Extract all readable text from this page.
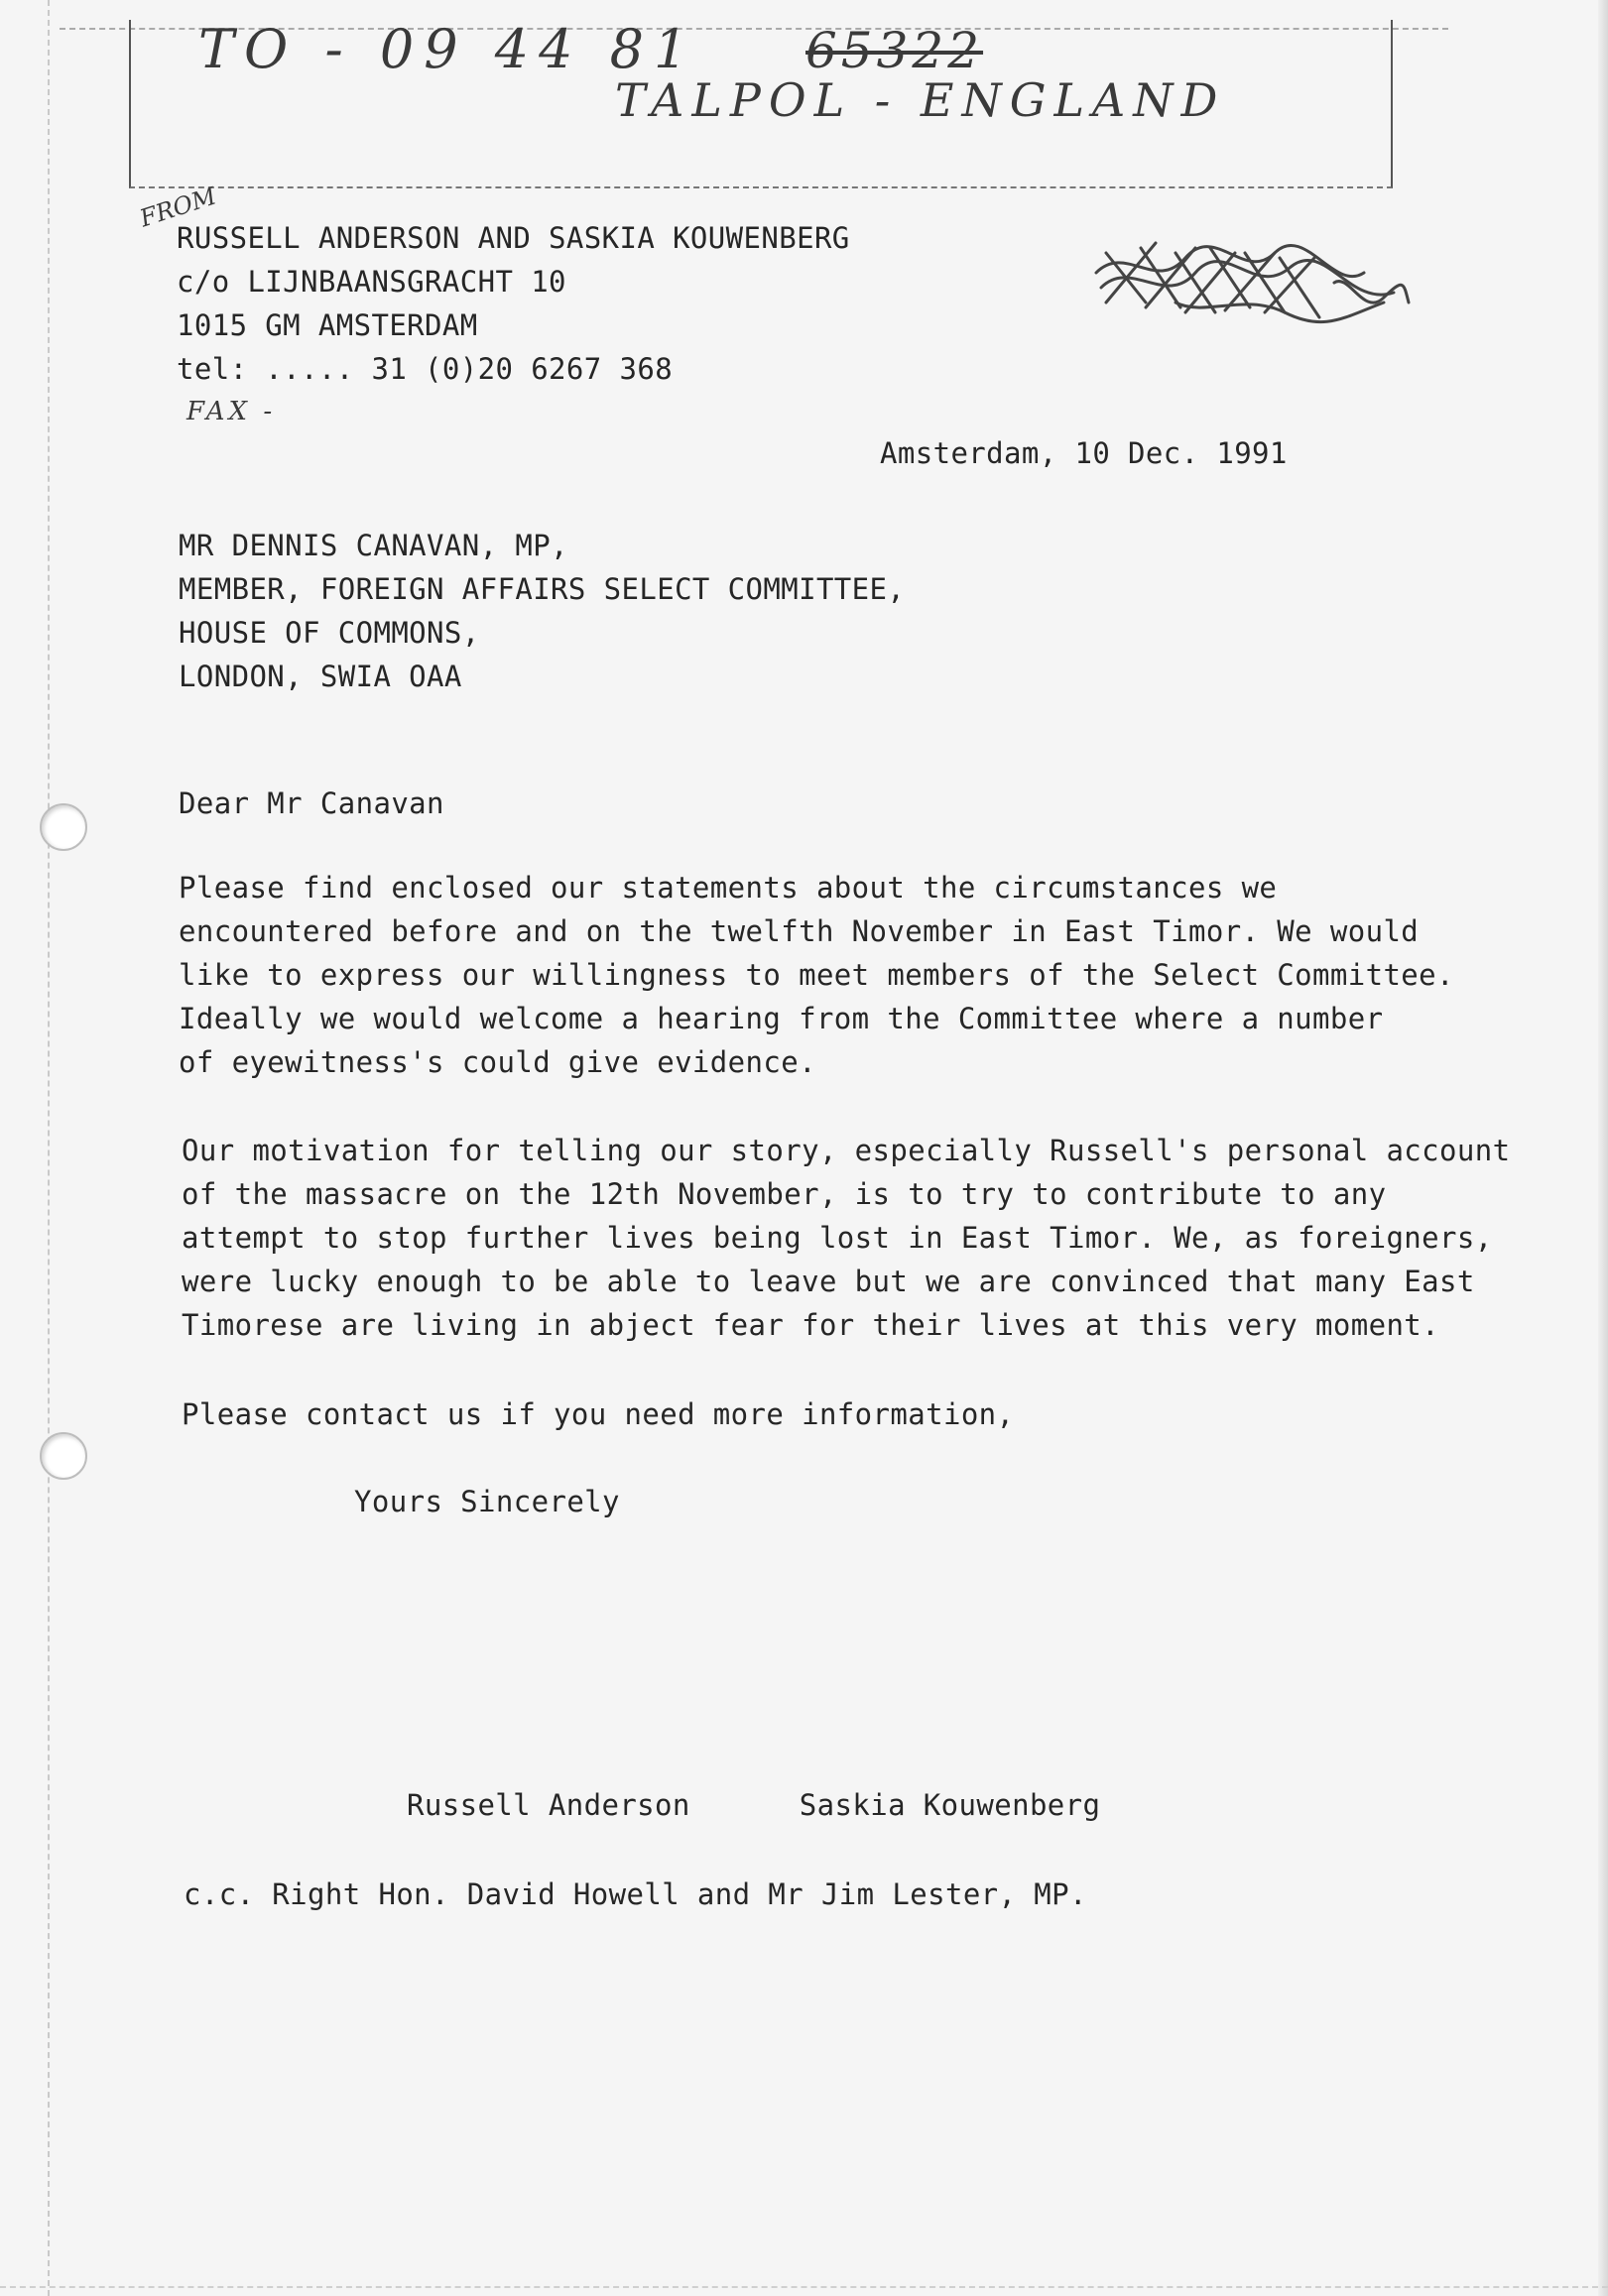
TO - 09 44 81 65322
TALPOL - ENGLAND
FROM
FAX -
RUSSELL ANDERSON AND SASKIA KOUWENBERG
c/o LIJNBAANSGRACHT 10
1015 GM AMSTERDAM
tel: ..... 31 (0)20 6267 368
Amsterdam, 10 Dec. 1991
MR DENNIS CANAVAN, MP,
MEMBER, FOREIGN AFFAIRS SELECT COMMITTEE,
HOUSE OF COMMONS,
LONDON, SWIA OAA
Dear Mr Canavan
Please find enclosed our statements about the circumstances we
encountered before and on the twelfth November in East Timor. We would
like to express our willingness to meet members of the Select Committee.
Ideally we would welcome a hearing from the Committee where a number
of eyewitness's could give evidence.
Our motivation for telling our story, especially Russell's personal account
of the massacre on the 12th November, is to try to contribute to any
attempt to stop further lives being lost in East Timor. We, as foreigners,
were lucky enough to be able to leave but we are convinced that many East
Timorese are living in abject fear for their lives at this very moment.
Please contact us if you need more information,
Yours Sincerely
Russell Anderson	Saskia Kouwenberg
c.c. Right Hon. David Howell and Mr Jim Lester, MP.
